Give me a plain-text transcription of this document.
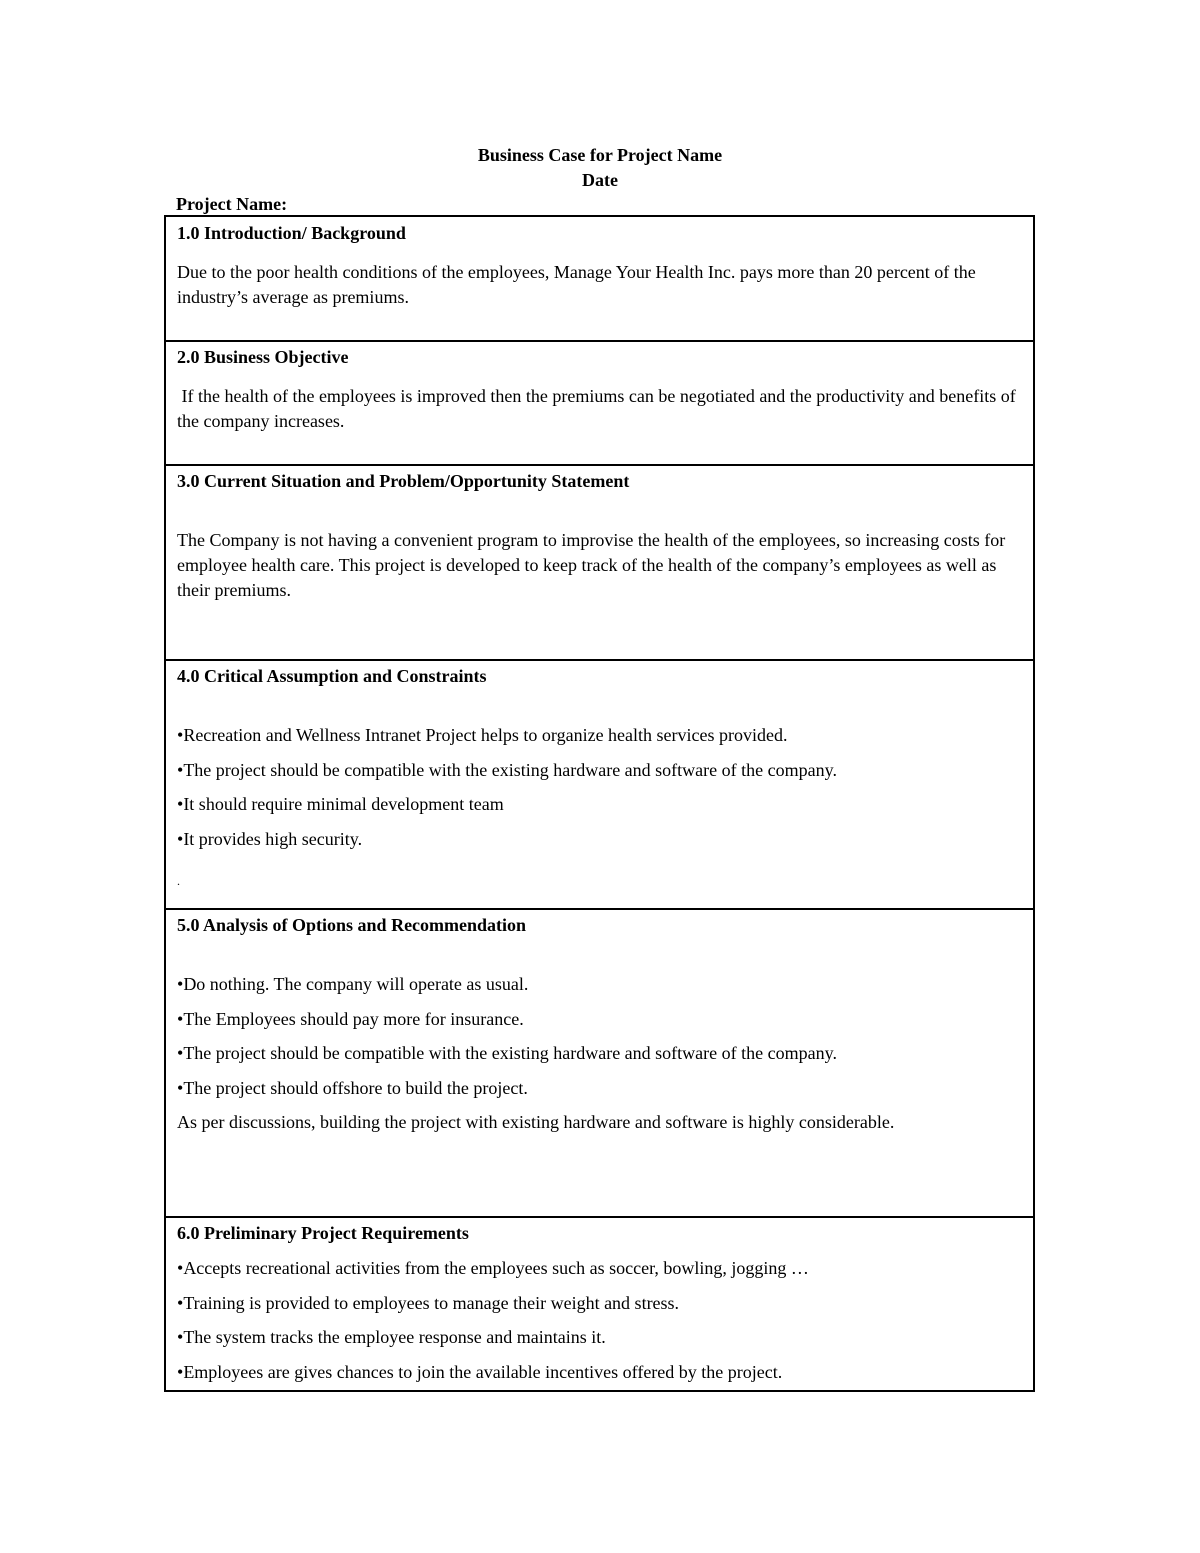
Business Case for Project Name
Date
Project Name:

1.0 Introduction/ Background

Due to the poor health conditions of the employees, Manage Your Health Inc. pays more than 20 percent of the industry’s average as premiums.

2.0 Business Objective

If the health of the employees is improved then the premiums can be negotiated and the productivity and benefits of the company increases.

3.0 Current Situation and Problem/Opportunity Statement

The Company is not having a convenient program to improvise the health of the employees, so increasing costs for employee health care. This project is developed to keep track of the health of the company’s employees as well as their premiums.

4.0 Critical Assumption and Constraints

• Recreation and Wellness Intranet Project helps to organize health services provided.
• The project should be compatible with the existing hardware and software of the company.
• It should require minimal development team
• It provides high security.

.

5.0 Analysis of Options and Recommendation

• Do nothing. The company will operate as usual.
• The Employees should pay more for insurance.
• The project should be compatible with the existing hardware and software of the company.
• The project should offshore to build the project.

As per discussions, building the project with existing hardware and software is highly considerable.

6.0 Preliminary Project Requirements

• Accepts recreational activities from the employees such as soccer, bowling, jogging …
• Training is provided to employees to manage their weight and stress.
• The system tracks the employee response and maintains it.
• Employees are gives chances to join the available incentives offered by the project.
